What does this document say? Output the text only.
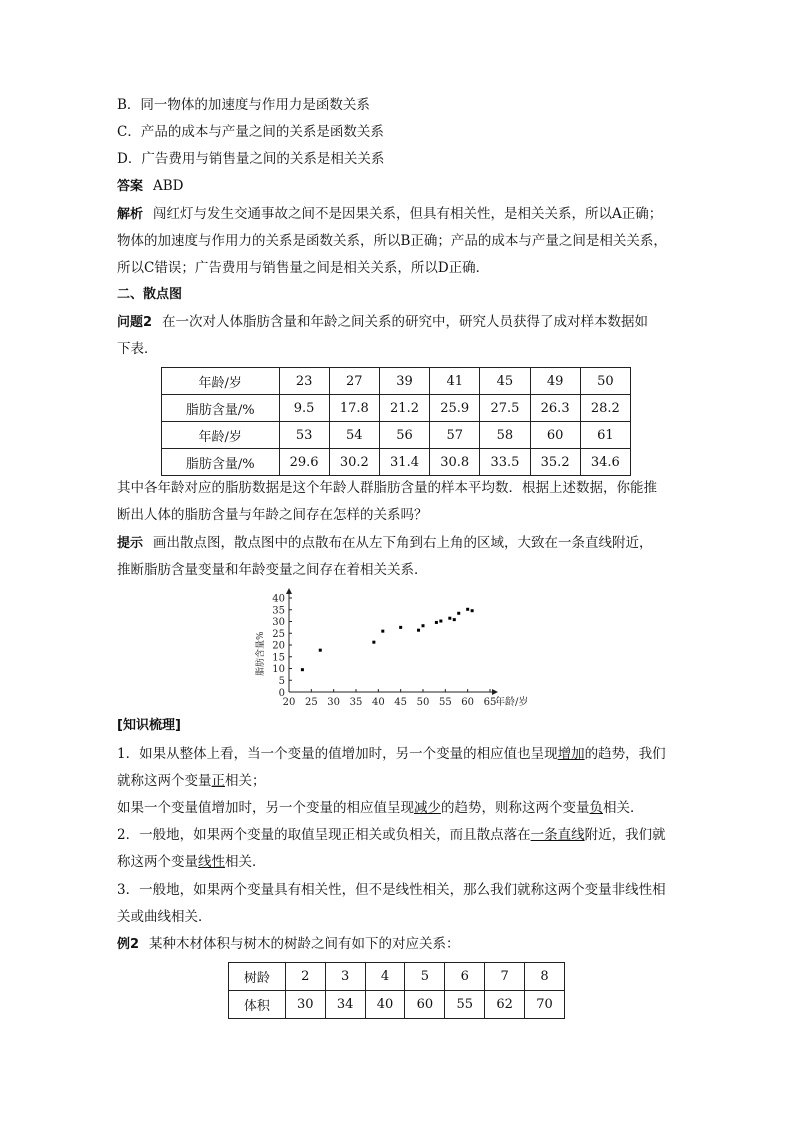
B．同一物体的加速度与作用力是函数关系
C．产品的成本与产量之间的关系是函数关系
D．广告费用与销售量之间的关系是相关关系
答案 ABD
解析 闯红灯与发生交通事故之间不是因果关系，但具有相关性，是相关关系，所以A正确；
物体的加速度与作用力的关系是函数关系，所以B正确；产品的成本与产量之间是相关关系，
所以C错误；广告费用与销售量之间是相关关系，所以D正确．
二、散点图
问题2 在一次对人体脂肪含量和年龄之间关系的研究中，研究人员获得了成对样本数据如
下表．
年龄/岁	23	27	39	41	45	49	50
脂肪含量/%	9.5	17.8	21.2	25.9	27.5	26.3	28.2
年龄/岁	53	54	56	57	58	60	61
脂肪含量/%	29.6	30.2	31.4	30.8	33.5	35.2	34.6
其中各年龄对应的脂肪数据是这个年龄人群脂肪含量的样本平均数．根据上述数据，你能推
断出人体的脂肪含量与年龄之间存在怎样的关系吗？
提示 画出散点图，散点图中的点散布在从左下角到右上角的区域，大致在一条直线附近，
推断脂肪含量变量和年龄变量之间存在着相关关系．
20 25 30 35 40 45 50 55 60 65
5
10
15
20
25
30
35
40
0
年龄/岁
脂肪含量%
[知识梳理]
1．如果从整体上看，当一个变量的值增加时，另一个变量的相应值也呈现增加的趋势，我们
就称这两个变量正相关；
如果一个变量值增加时，另一个变量的相应值呈现减少的趋势，则称这两个变量负相关．
2．一般地，如果两个变量的取值呈现正相关或负相关，而且散点落在一条直线附近，我们就
称这两个变量线性相关．
3．一般地，如果两个变量具有相关性，但不是线性相关，那么我们就称这两个变量非线性相
关或曲线相关．
例2 某种木材体积与树木的树龄之间有如下的对应关系：
树龄	2	3	4	5	6	7	8
体积	30	34	40	60	55	62	70
